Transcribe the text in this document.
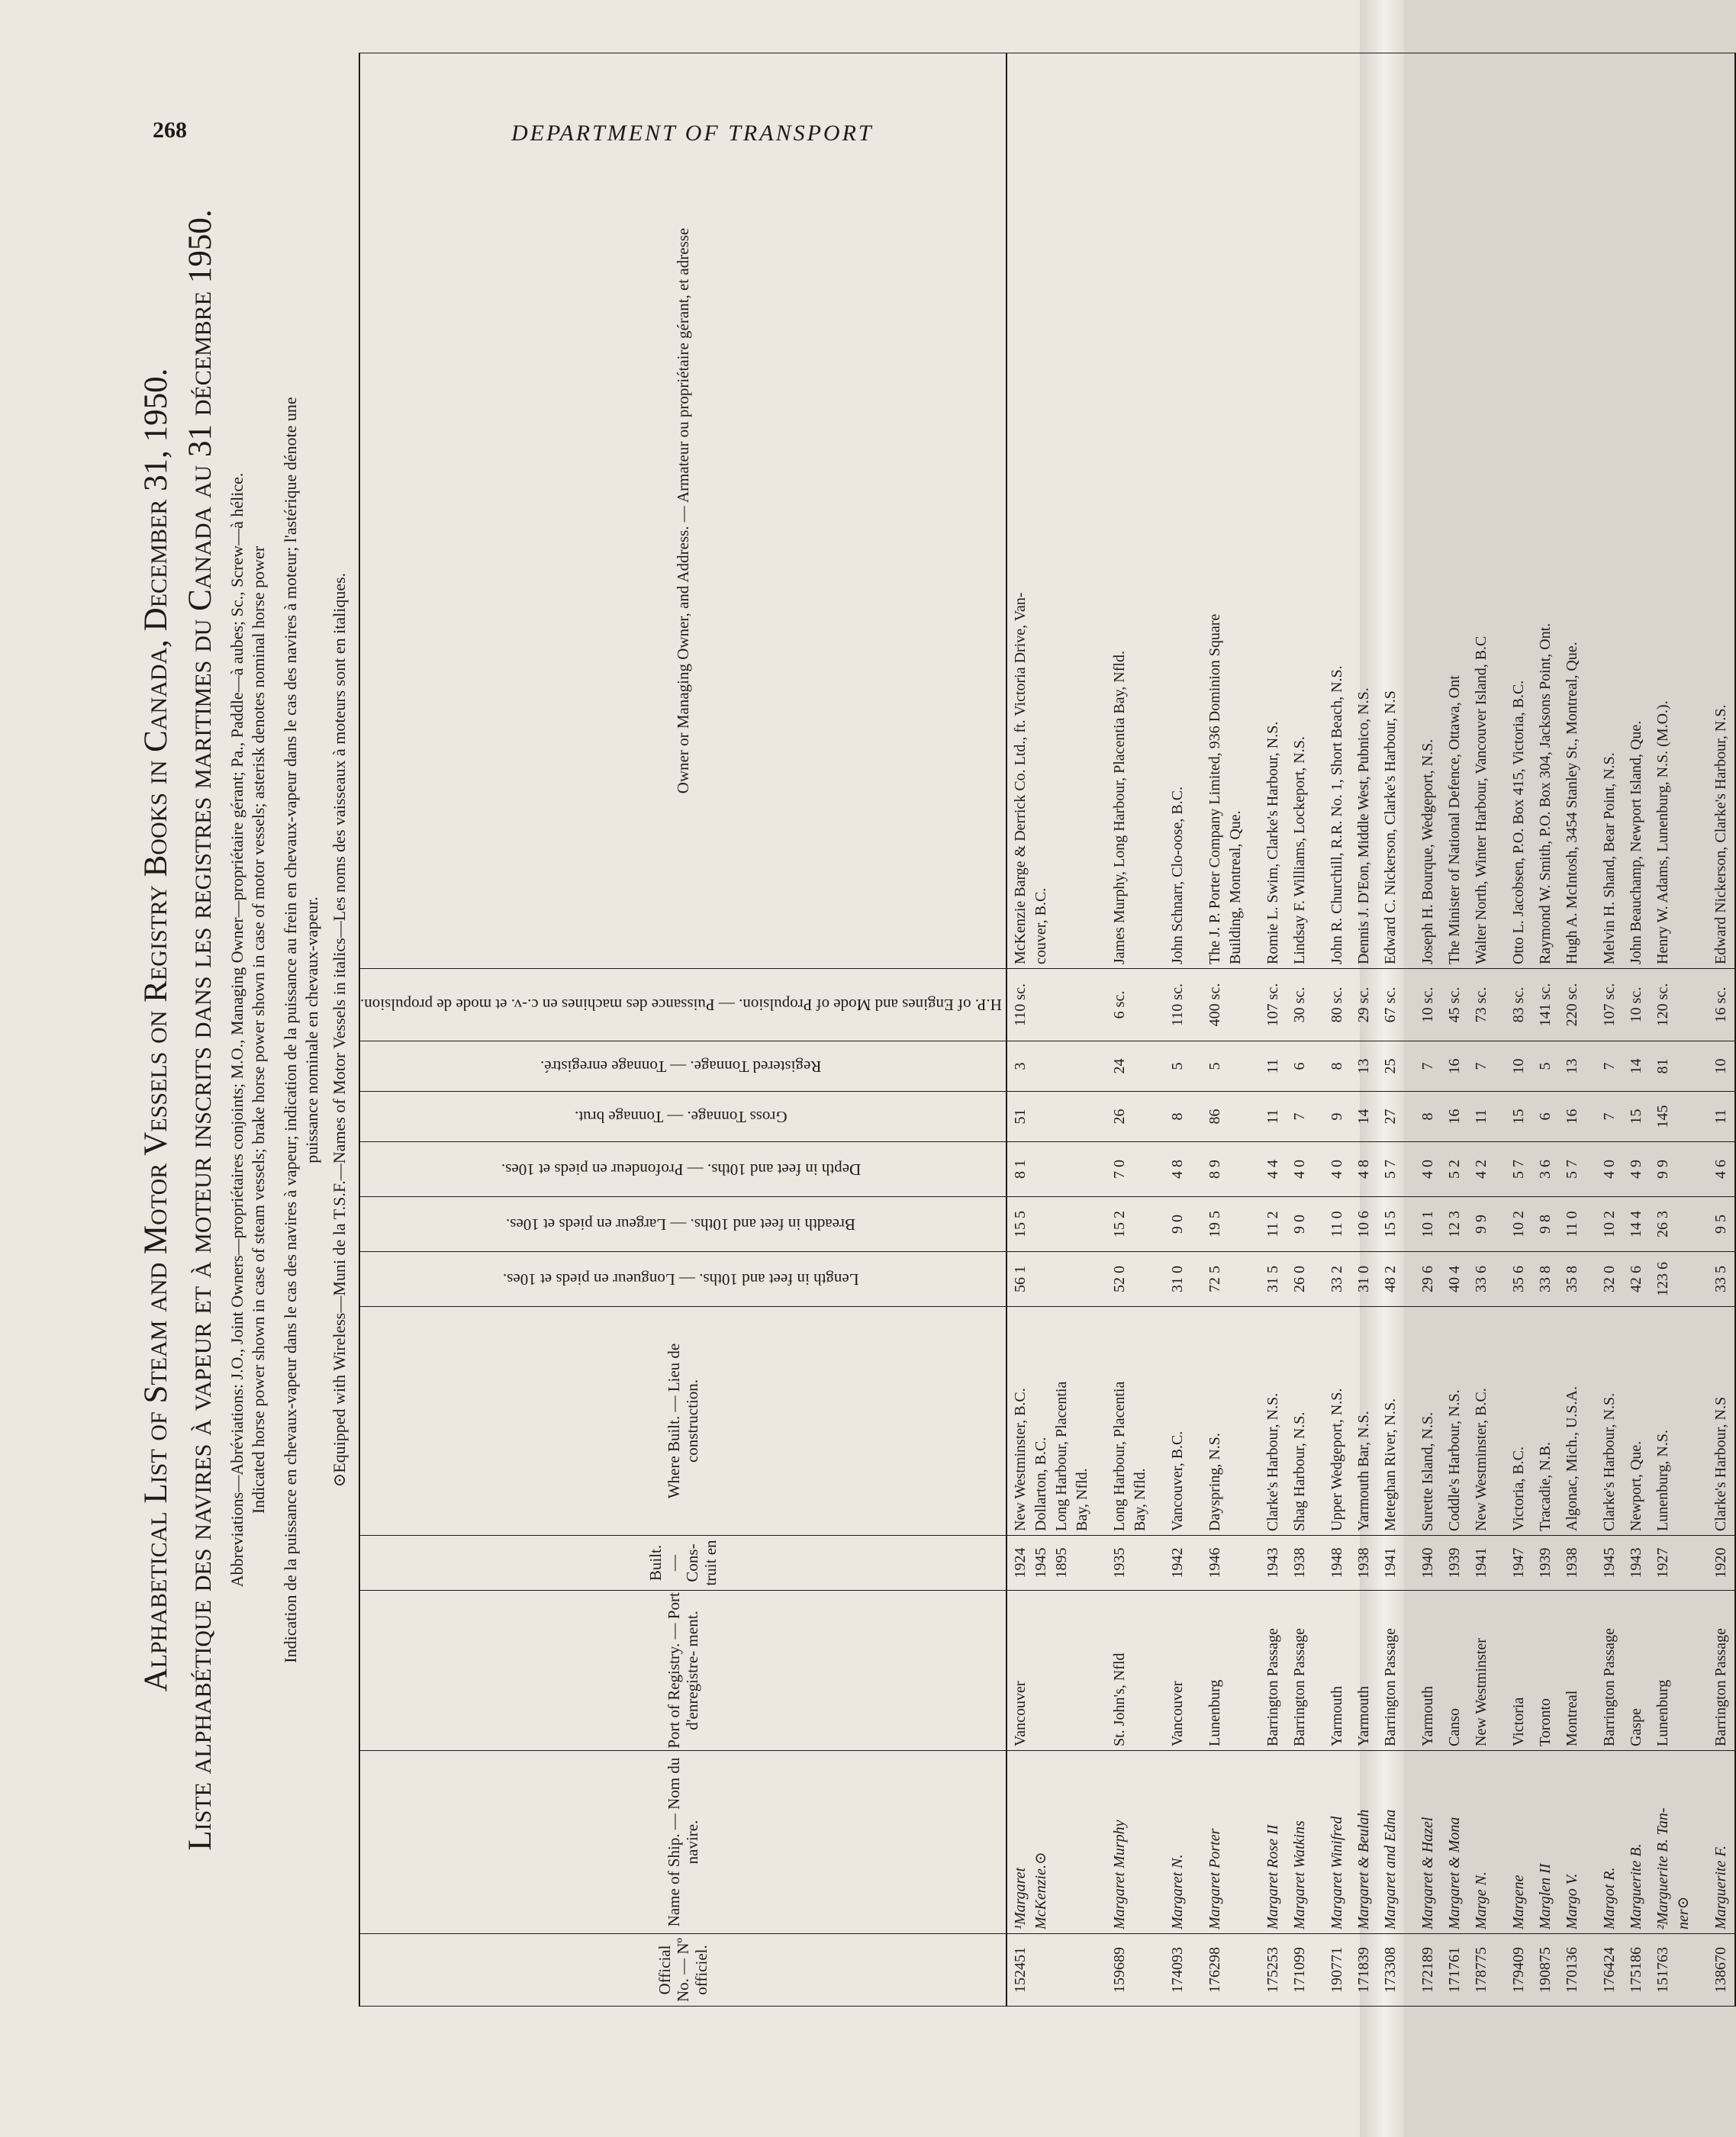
268	DEPARTMENT OF TRANSPORT
Alphabetical List of Steam and Motor Vessels on Registry Books in Canada, December 31, 1950. Liste alphabétique des navires à vapeur et à moteur inscrits dans les registres maritimes du Canada au 31 décembre 1950. Abbreviations—Abréviations: J.O., Joint Owners—propriétaires conjoints; M.O., Managing Owner—propriétaire gérant; Pa., Paddle—à aubes; Sc., Screw—à hélice. Indicated horse power shown in case of steam vessels; brake horse power shown in case of motor vessels; asterisk denotes nominal horse power Indication de la puissance en chevaux-vapeur dans le cas des navires à vapeur; indication de la puissance au frein en chevaux-vapeur dans le cas des navires à moteur; l'astérique dénote une puissance nominale en chevaux-vapeur. ⊙Equipped with Wireless—Muni de la T.S.F.—Names of Motor Vessels in italics—Les noms des vaisseaux à moteurs sont en italiques.
Official No. — Nº officiel.	Name of Ship. — Nom du navire.	Port of Registry. — Port d'enregistre- ment.	Built. — Cons- truit en	Where Built. — Lieu de construction.	Length in feet and 10ths. — Longueur en pieds et 10es.	Breadth in feet and 10ths. — Largeur en pieds et 10es.	Depth in feet and 10ths. — Profondeur en pieds et 10es.	Gross Tonnage. — Tonnage brut.	Registered Tonnage. — Tonnage enregistré.	H.P. of Engines and Mode of Propulsion. — Puissance des machines en c.-v. et mode de propulsion.	Owner or Managing Owner, and Address. — Armateur ou propriétaire gérant, et adresse
152451	¹Margaret McKenzie.⊙	Vancouver	1924 1945 1895	New Westminster, B.C. Dollarton, B.C. Long Harbour, Placentia Bay, Nfld.	56 1	15 5	8 1	51	3	110 sc.	McKenzie Barge & Derrick Co. Ltd., ft. Victoria Drive, Van- couver, B.C.

159689	Margaret Murphy	St. John's, Nfld	1935	Long Harbour, Placentia Bay, Nfld.	52 0	15 2	7 0	26	24	6 sc.	James Murphy, Long Harbour, Placentia Bay, Nfld.

174093	Margaret N.	Vancouver	1942	Vancouver, B.C.	31 0	9 0	4 8	8	5	110 sc.	John Schnarr, Clo-oose, B.C.

176298	Margaret Porter	Lunenburg	1946	Dayspring, N.S.	72 5	19 5	8 9	86	5	400 sc.	The J. P. Porter Company Limited, 936 Dominion Square Building, Montreal, Que.

175253	Margaret Rose II	Barrington Passage	1943	Clarke's Harbour, N.S.	31 5	11 2	4 4	11	11	107 sc.	Romie L. Swim, Clarke's Harbour, N.S.

171099	Margaret Watkins	Barrington Passage	1938	Shag Harbour, N.S.	26 0	9 0	4 0	7	6	30 sc.	Lindsay F. Williams, Lockeport, N.S.

190771	Margaret Winifred	Yarmouth	1948	Upper Wedgeport, N.S.	33 2	11 0	4 0	9	8	80 sc.	John R. Churchill, R.R. No. 1, Short Beach, N.S.

171839	Margaret & Beulah	Yarmouth	1938	Yarmouth Bar, N.S.	31 0	10 6	4 8	14	13	29 sc.	Dennis J. D'Eon, Middle West, Pubnico, N.S.

173308	Margaret and Edna	Barrington Passage	1941	Meteghan River, N.S.	48 2	15 5	5 7	27	25	67 sc.	Edward C. Nickerson, Clarke's Harbour, N.S

172189	Margaret & Hazel	Yarmouth	1940	Surette Island, N.S.	29 6	10 1	4 0	8	7	10 sc.	Joseph H. Bourque, Wedgeport, N.S.

171761	Margaret & Mona	Canso	1939	Coddle's Harbour, N.S.	40 4	12 3	5 2	16	16	45 sc.	The Minister of National Defence, Ottawa, Ont

178775	Marge N.	New Westminster	1941	New Westminster, B.C.	33 6	9 9	4 2	11	7	73 sc.	Walter North, Winter Harbour, Vancouver Island, B.C

179409	Margene	Victoria	1947	Victoria, B.C.	35 6	10 2	5 7	15	10	83 sc.	Otto L. Jacobsen, P.O. Box 415, Victoria, B.C.

190875	Marglen II	Toronto	1939	Tracadie, N.B.	33 8	9 8	3 6	6	5	141 sc.	Raymond W. Smith, P.O. Box 304, Jacksons Point, Ont.

170136	Margo V.	Montreal	1938	Algonac, Mich., U.S.A.	35 8	11 0	5 7	16	13	220 sc.	Hugh A. McIntosh, 3454 Stanley St., Montreal, Que.

176424	Margot R.	Barrington Passage	1945	Clarke's Harbour, N.S.	32 0	10 2	4 0	7	7	107 sc.	Melvin H. Shand, Bear Point, N.S.

175186	Marguerite B.	Gaspe	1943	Newport, Que.	42 6	14 4	4 9	15	14	10 sc.	John Beauchamp, Newport Island, Que.

151763	²Marguerite B. Tan- ner⊙	Lunenburg	1927	Lunenburg, N.S.	123 6	26 3	9 9	145	81	120 sc.	Henry W. Adams, Lunenburg, N.S. (M.O.).

138670	Marguerite F.	Barrington Passage	1920	Clarke's Harbour, N.S	33 5	9 5	4 6	11	10	16 sc.	Edward Nickerson, Clarke's Harbour, N.S.
